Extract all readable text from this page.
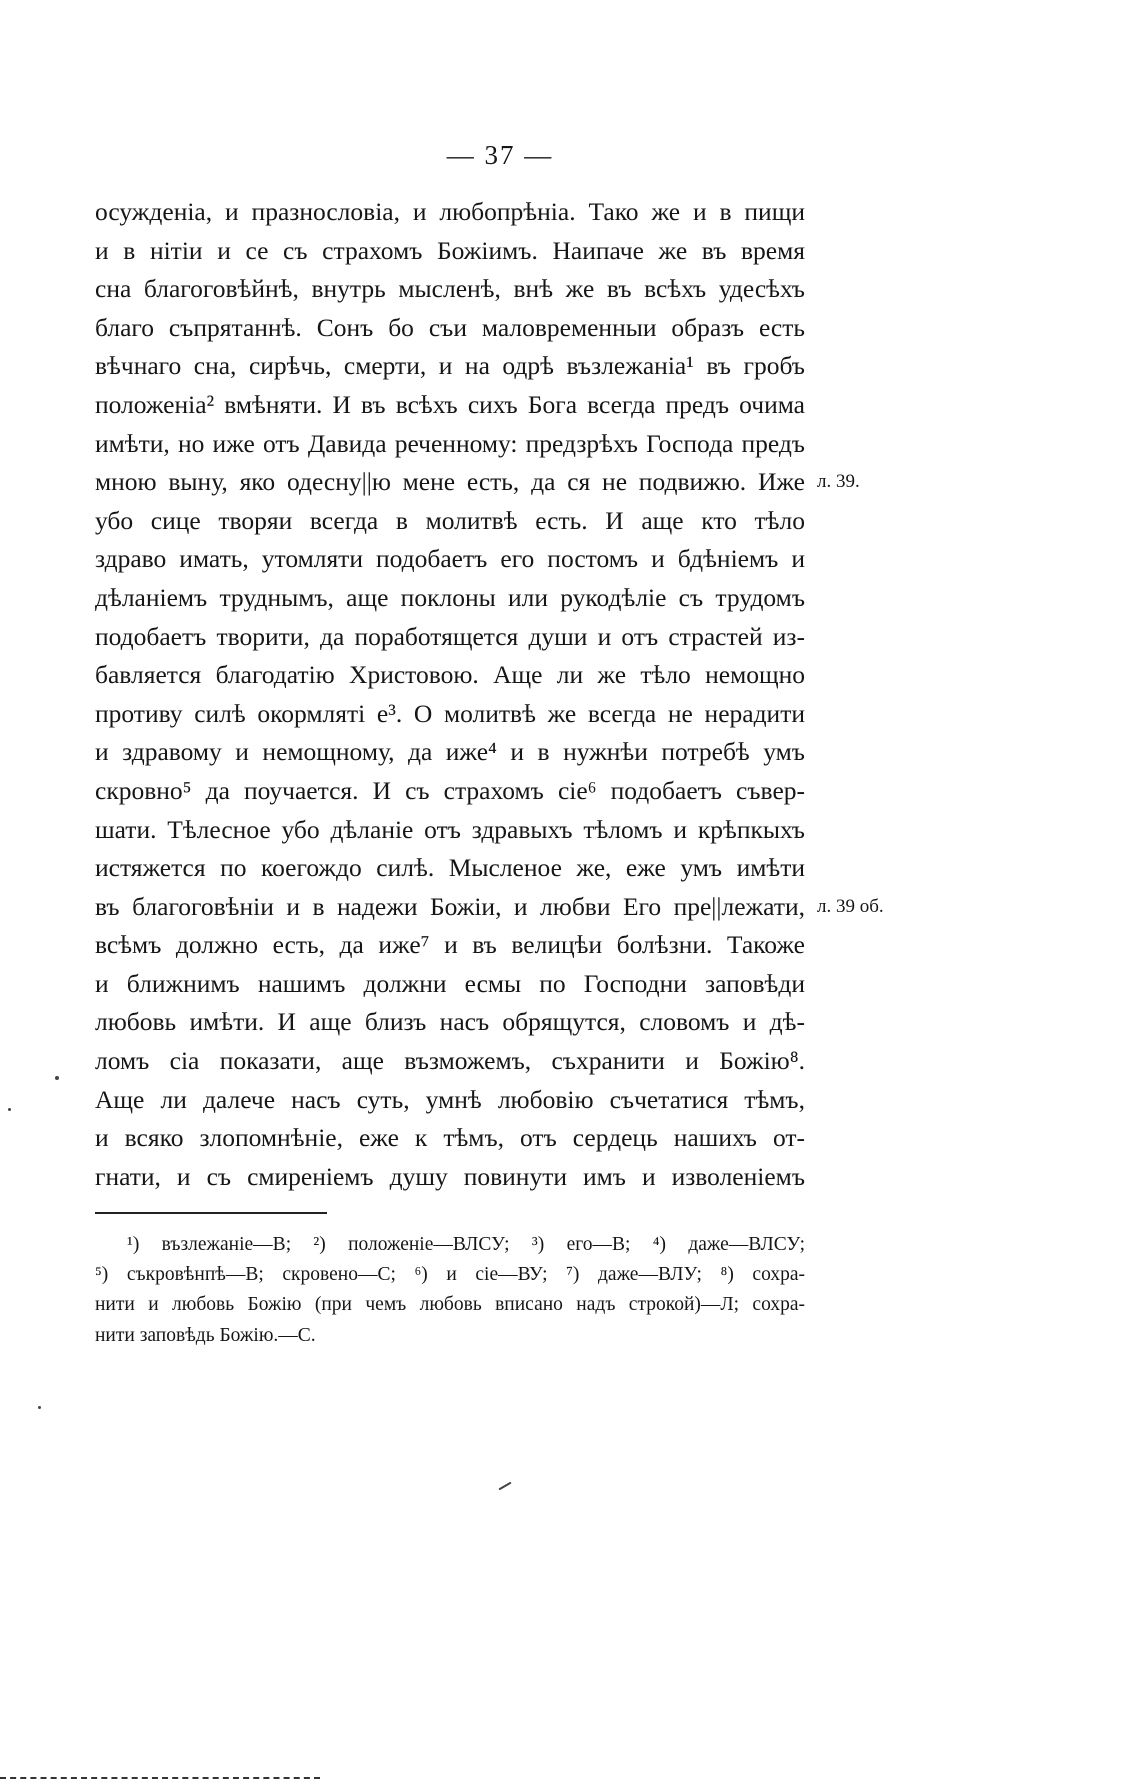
— 37 —
осужденіа, и празнословіа, и любопрѣніа. Тако же и в пищи
и в нітіи и се съ страхомъ Божіимъ. Наипаче же въ время
сна благоговѣйнѣ, внутрь мысленѣ, внѣ же въ всѣхъ удесѣхъ
благо съпрятаннѣ. Сонъ бо съи маловременныи образъ есть
вѣчнаго сна, сирѣчь, смерти, и на одрѣ възлежаніа¹ въ гробъ
положеніа² вмѣняти. И въ всѣхъ сихъ Бога всегда предъ очима
имѣти, но иже отъ Давида реченному: предзрѣхъ Господа предъ
мною выну, яко одесну||ю мене есть, да ся не подвижю. Иже л. 39.
убо сице творяи всегда в молитвѣ есть. И аще кто тѣло
здраво имать, утомляти подобаетъ его постомъ и бдѣніемъ и
дѣланіемъ труднымъ, аще поклоны или рукодѣліе съ трудомъ
подобаетъ творити, да поработящется души и отъ страстей из-
бавляется благодатію Христовою. Аще ли же тѣло немощно
противу силѣ окормляті е³. О молитвѣ же всегда не нерадити
и здравому и немощному, да иже⁴ и в нужнѣи потребѣ умъ
скровно⁵ да поучается. И съ страхомъ сіе⁶ подобаетъ съвер-
шати. Тѣлесное убо дѣланіе отъ здравыхъ тѣломъ и крѣпкыхъ
истяжется по коегождо силѣ. Мысленое же, еже умъ имѣти
въ благоговѣніи и в надежи Божіи, и любви Его пре||лежати, л. 39 об.
всѣмъ должно есть, да иже⁷ и въ велицѣи болѣзни. Такоже
и ближнимъ нашимъ должни есмы по Господни заповѣди
любовь имѣти. И аще близъ насъ обрящутся, словомъ и дѣ-
ломъ сіа показати, аще възможемъ, съхранити и Божію⁸.
Аще ли далече насъ суть, умнѣ любовію съчетатися тѣмъ,
и всяко злопомнѣніе, еже к тѣмъ, отъ сердець нашихъ от-
гнати, и съ смиреніемъ душу повинути имъ и изволеніемъ
¹) възлежаніе—В; ²) положеніе—ВЛСУ; ³) его—В; ⁴) даже—ВЛСУ;
⁵) съкровѣнпѣ—В; скровено—С; ⁶) и сіе—ВУ; ⁷) даже—ВЛУ; ⁸) сохра-
нити и любовь Божію (при чемъ любовь вписано надъ строкой)—Л; сохра-
нити заповѣдь Божію.—С.
